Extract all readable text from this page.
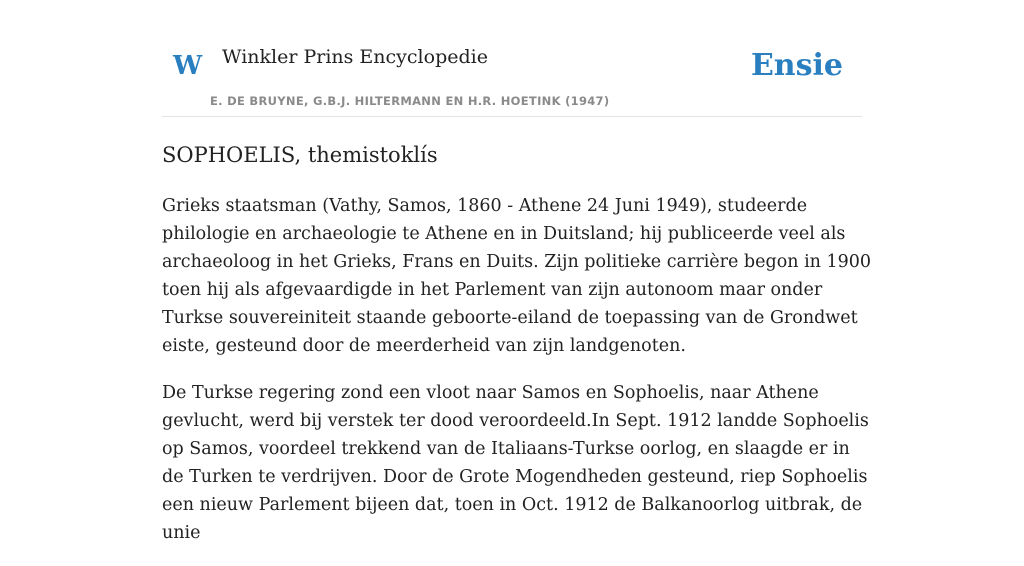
W Winkler Prins Encyclopedie
E. DE BRUYNE, G.B.J. HILTERMANN EN H.R. HOETINK (1947)
Ensie
SOPHOELIS, themistoklís

Grieks staatsman (Vathy, Samos, 1860 - Athene 24 Juni 1949), studeerde philologie en archaeologie te Athene en in Duitsland; hij publiceerde veel als archaeoloog in het Grieks, Frans en Duits. Zijn politieke carrière begon in 1900 toen hij als afgevaardigde in het Parlement van zijn autonoom maar onder Turkse souvereiniteit staande geboorte-eiland de toepassing van de Grondwet eiste, gesteund door de meerderheid van zijn landgenoten.

De Turkse regering zond een vloot naar Samos en Sophoelis, naar Athene gevlucht, werd bij verstek ter dood veroordeeld.In Sept. 1912 landde Sophoelis op Samos, voordeel trekkend van de Italiaans-Turkse oorlog, en slaagde er in de Turken te verdrijven. Door de Grote Mogendheden gesteund, riep Sophoelis een nieuw Parlement bijeen dat, toen in Oct. 1912 de Balkanoorlog uitbrak, de unie
